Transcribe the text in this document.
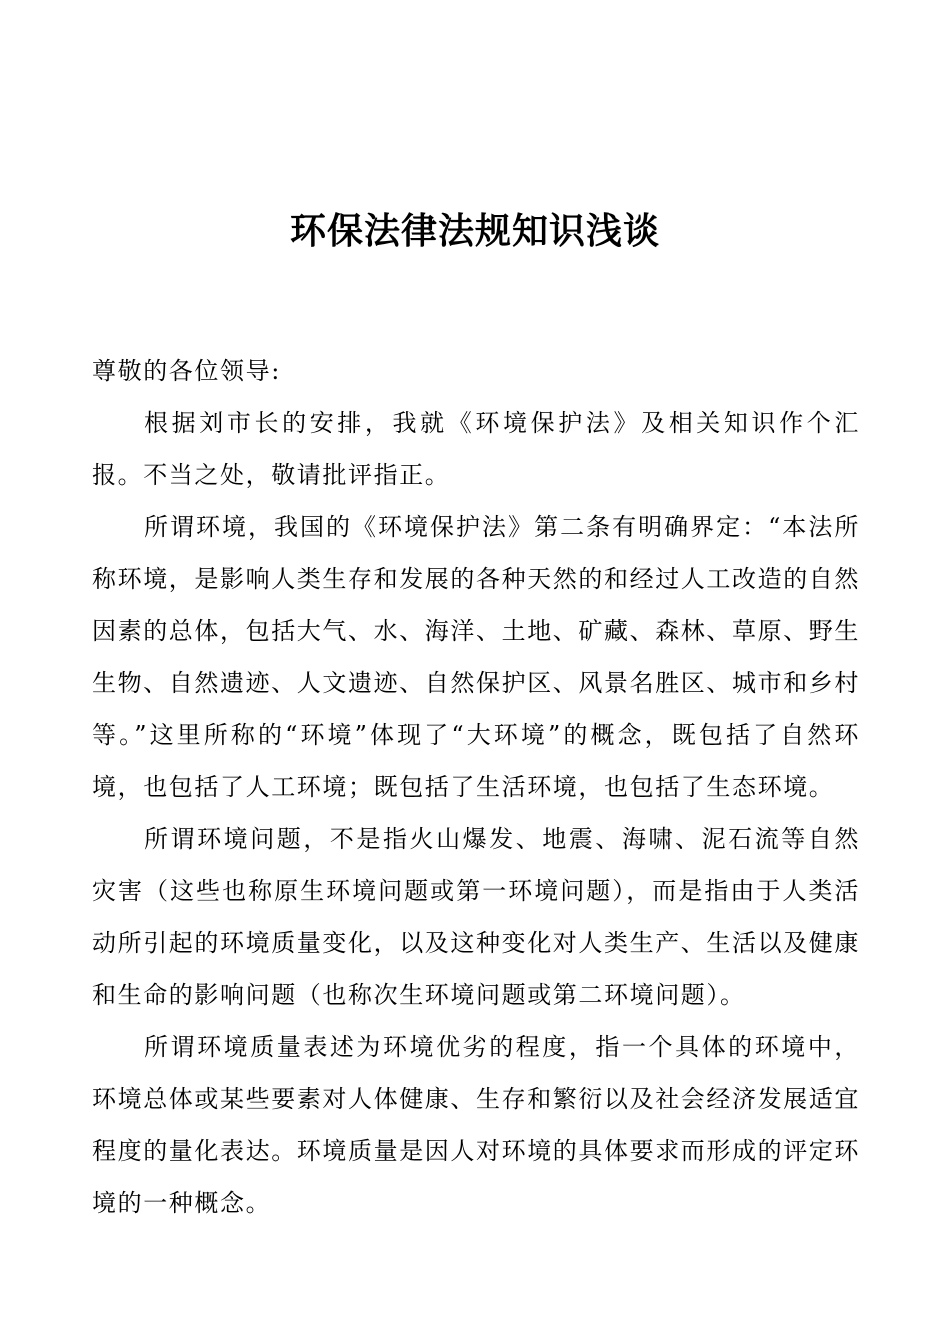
环保法律法规知识浅谈

尊敬的各位领导:

根据刘市长的安排，我就《环境保护法》及相关知识作个汇报。不当之处，敬请批评指正。

所谓环境，我国的《环境保护法》第二条有明确界定：“本法所称环境，是影响人类生存和发展的各种天然的和经过人工改造的自然因素的总体，包括大气、水、海洋、土地、矿藏、森林、草原、野生生物、自然遗迹、人文遗迹、自然保护区、风景名胜区、城市和乡村等。”这里所称的“环境”体现了“大环境”的概念，既包括了自然环境，也包括了人工环境；既包括了生活环境，也包括了生态环境。

所谓环境问题，不是指火山爆发、地震、海啸、泥石流等自然灾害（这些也称原生环境问题或第一环境问题），而是指由于人类活动所引起的环境质量变化，以及这种变化对人类生产、生活以及健康和生命的影响问题（也称次生环境问题或第二环境问题）。

所谓环境质量表述为环境优劣的程度，指一个具体的环境中，环境总体或某些要素对人体健康、生存和繁衍以及社会经济发展适宜程度的量化表达。环境质量是因人对环境的具体要求而形成的评定环境的一种概念。
